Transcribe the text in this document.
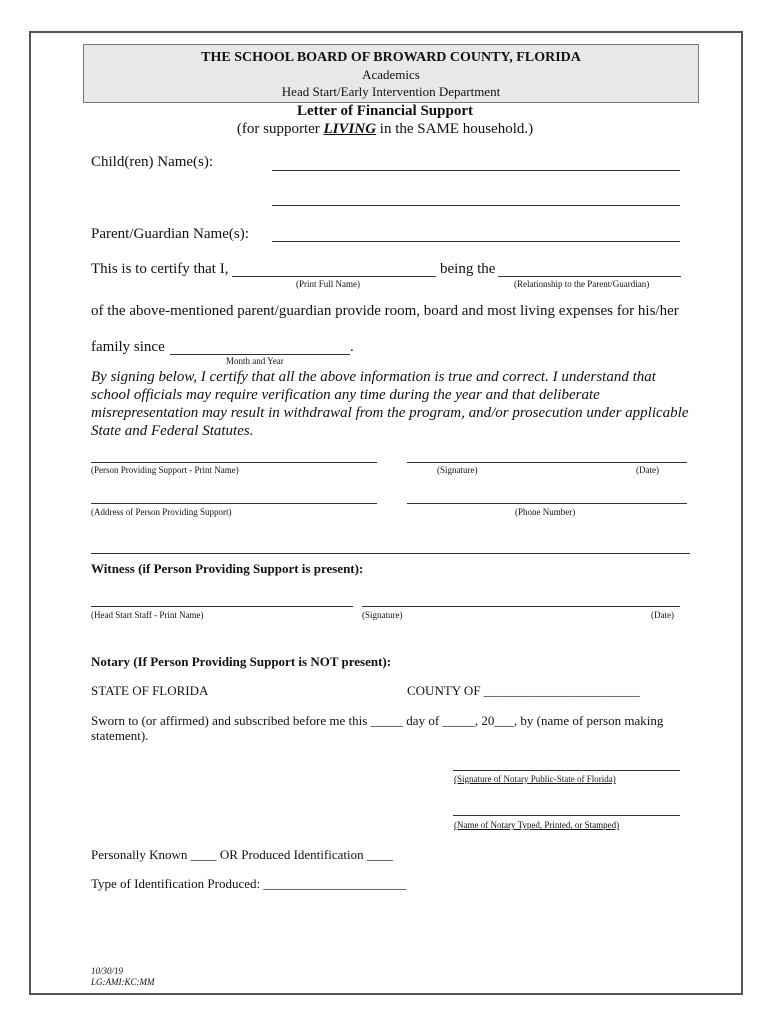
THE SCHOOL BOARD OF BROWARD COUNTY, FLORIDA
Academics
Head Start/Early Intervention Department
Letter of Financial Support
(for supporter LIVING in the SAME household.)
Child(ren) Name(s):
Parent/Guardian Name(s):
This is to certify that I,	being the
(Print Full Name)	(Relationship to the Parent/Guardian)
of the above-mentioned parent/guardian provide room, board and most living expenses for his/her
family since	.
Month and Year
By signing below, I certify that all the above information is true and correct. I understand that school officials may require verification any time during the year and that deliberate misrepresentation may result in withdrawal from the program, and/or prosecution under applicable State and Federal Statutes.
(Person Providing Support - Print Name)	(Signature)	(Date)
(Address of Person Providing Support)	(Phone Number)
Witness (if Person Providing Support is present):
(Head Start Staff - Print Name)	(Signature)	(Date)
Notary (If Person Providing Support is NOT present):
STATE OF FLORIDA	COUNTY OF ________________________
Sworn to (or affirmed) and subscribed before me this _____ day of _____, 20___, by (name of person making
statement).
(Signature of Notary Public-State of Florida)
(Name of Notary Typed, Printed, or Stamped)
Personally Known ____ OR Produced Identification ____
Type of Identification Produced: ______________________
10/30/19
LG:AMI:KC:MM
